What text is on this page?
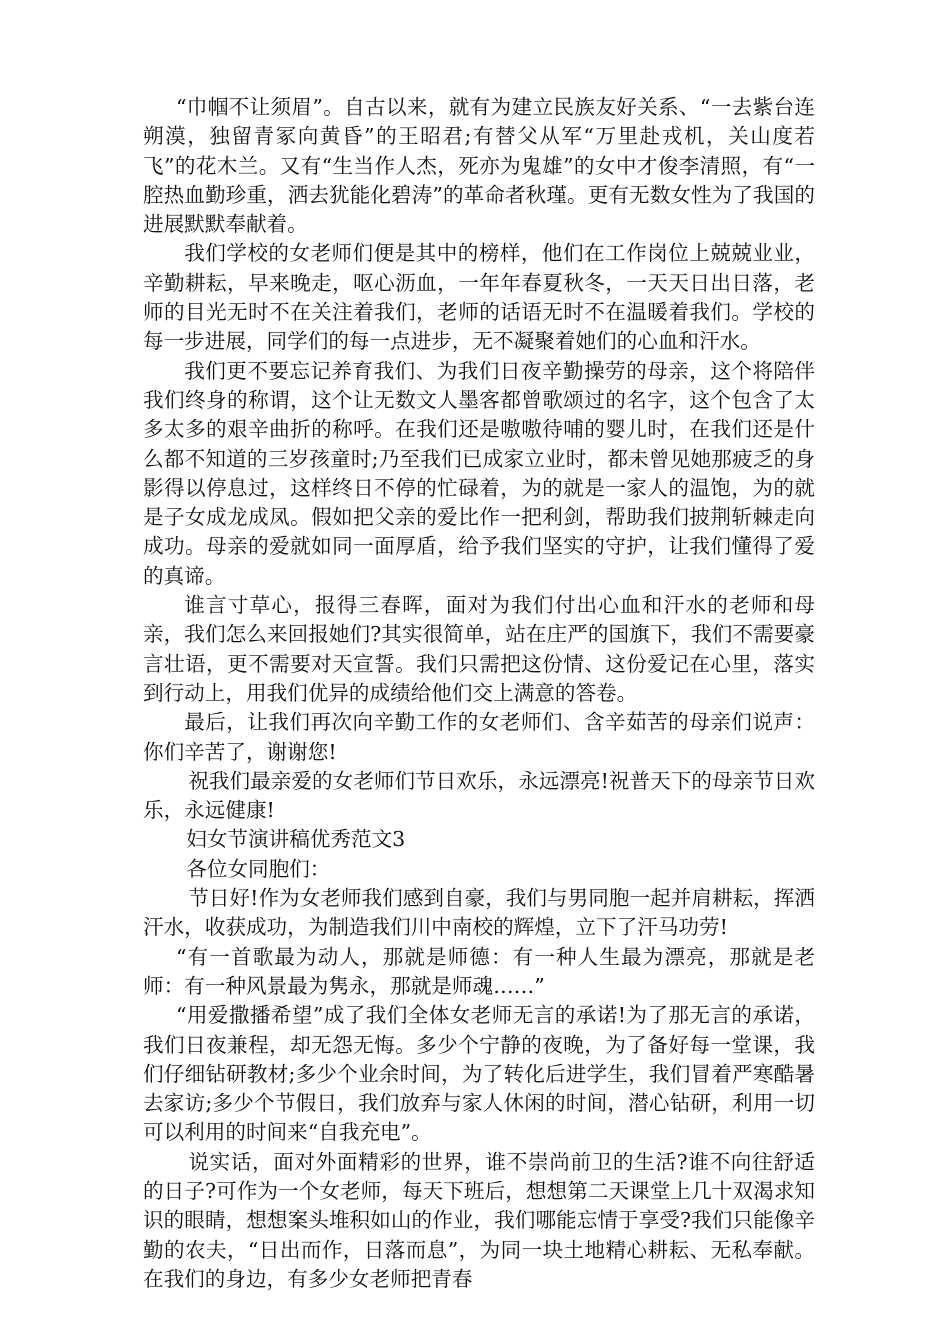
“巾帼不让须眉”。自古以来，就有为建立民族友好关系、“一去紫台连朔漠，独留青冢向黄昏”的王昭君;有替父从军“万里赴戎机，关山度若飞”的花木兰。又有“生当作人杰，死亦为鬼雄”的女中才俊李清照，有“一腔热血勤珍重，洒去犹能化碧涛”的革命者秋瑾。更有无数女性为了我国的进展默默奉献着。

我们学校的女老师们便是其中的榜样，他们在工作岗位上兢兢业业，辛勤耕耘，早来晚走，呕心沥血，一年年春夏秋冬，一天天日出日落，老师的目光无时不在关注着我们，老师的话语无时不在温暖着我们。学校的每一步进展，同学们的每一点进步，无不凝聚着她们的心血和汗水。

我们更不要忘记养育我们、为我们日夜辛勤操劳的母亲，这个将陪伴我们终身的称谓，这个让无数文人墨客都曾歌颂过的名字，这个包含了太多太多的艰辛曲折的称呼。在我们还是嗷嗷待哺的婴儿时，在我们还是什么都不知道的三岁孩童时;乃至我们已成家立业时，都未曾见她那疲乏的身影得以停息过，这样终日不停的忙碌着，为的就是一家人的温饱，为的就是子女成龙成凤。假如把父亲的爱比作一把利剑，帮助我们披荆斩棘走向成功。母亲的爱就如同一面厚盾，给予我们坚实的守护，让我们懂得了爱的真谛。

谁言寸草心，报得三春晖，面对为我们付出心血和汗水的老师和母亲，我们怎么来回报她们?其实很简单，站在庄严的国旗下，我们不需要豪言壮语，更不需要对天宣誓。我们只需把这份情、这份爱记在心里，落实到行动上，用我们优异的成绩给他们交上满意的答卷。

最后，让我们再次向辛勤工作的女老师们、含辛茹苦的母亲们说声：你们辛苦了，谢谢您!

祝我们最亲爱的女老师们节日欢乐，永远漂亮!祝普天下的母亲节日欢乐，永远健康!

妇女节演讲稿优秀范文3

各位女同胞们：

节日好!作为女老师我们感到自豪，我们与男同胞一起并肩耕耘，挥洒汗水，收获成功，为制造我们川中南校的辉煌，立下了汗马功劳!

“有一首歌最为动人，那就是师德：有一种人生最为漂亮，那就是老师：有一种风景最为隽永，那就是师魂……”

“用爱撒播希望”成了我们全体女老师无言的承诺!为了那无言的承诺，我们日夜兼程，却无怨无悔。多少个宁静的夜晚，为了备好每一堂课，我们仔细钻研教材;多少个业余时间，为了转化后进学生，我们冒着严寒酷暑去家访;多少个节假日，我们放弃与家人休闲的时间，潜心钻研，利用一切可以利用的时间来“自我充电”。

说实话，面对外面精彩的世界，谁不崇尚前卫的生活?谁不向往舒适的日子?可作为一个女老师，每天下班后，想想第二天课堂上几十双渴求知识的眼睛，想想案头堆积如山的作业，我们哪能忘情于享受?我们只能像辛勤的农夫，“日出而作，日落而息”，为同一块土地精心耕耘、无私奉献。在我们的身边，有多少女老师把青春
